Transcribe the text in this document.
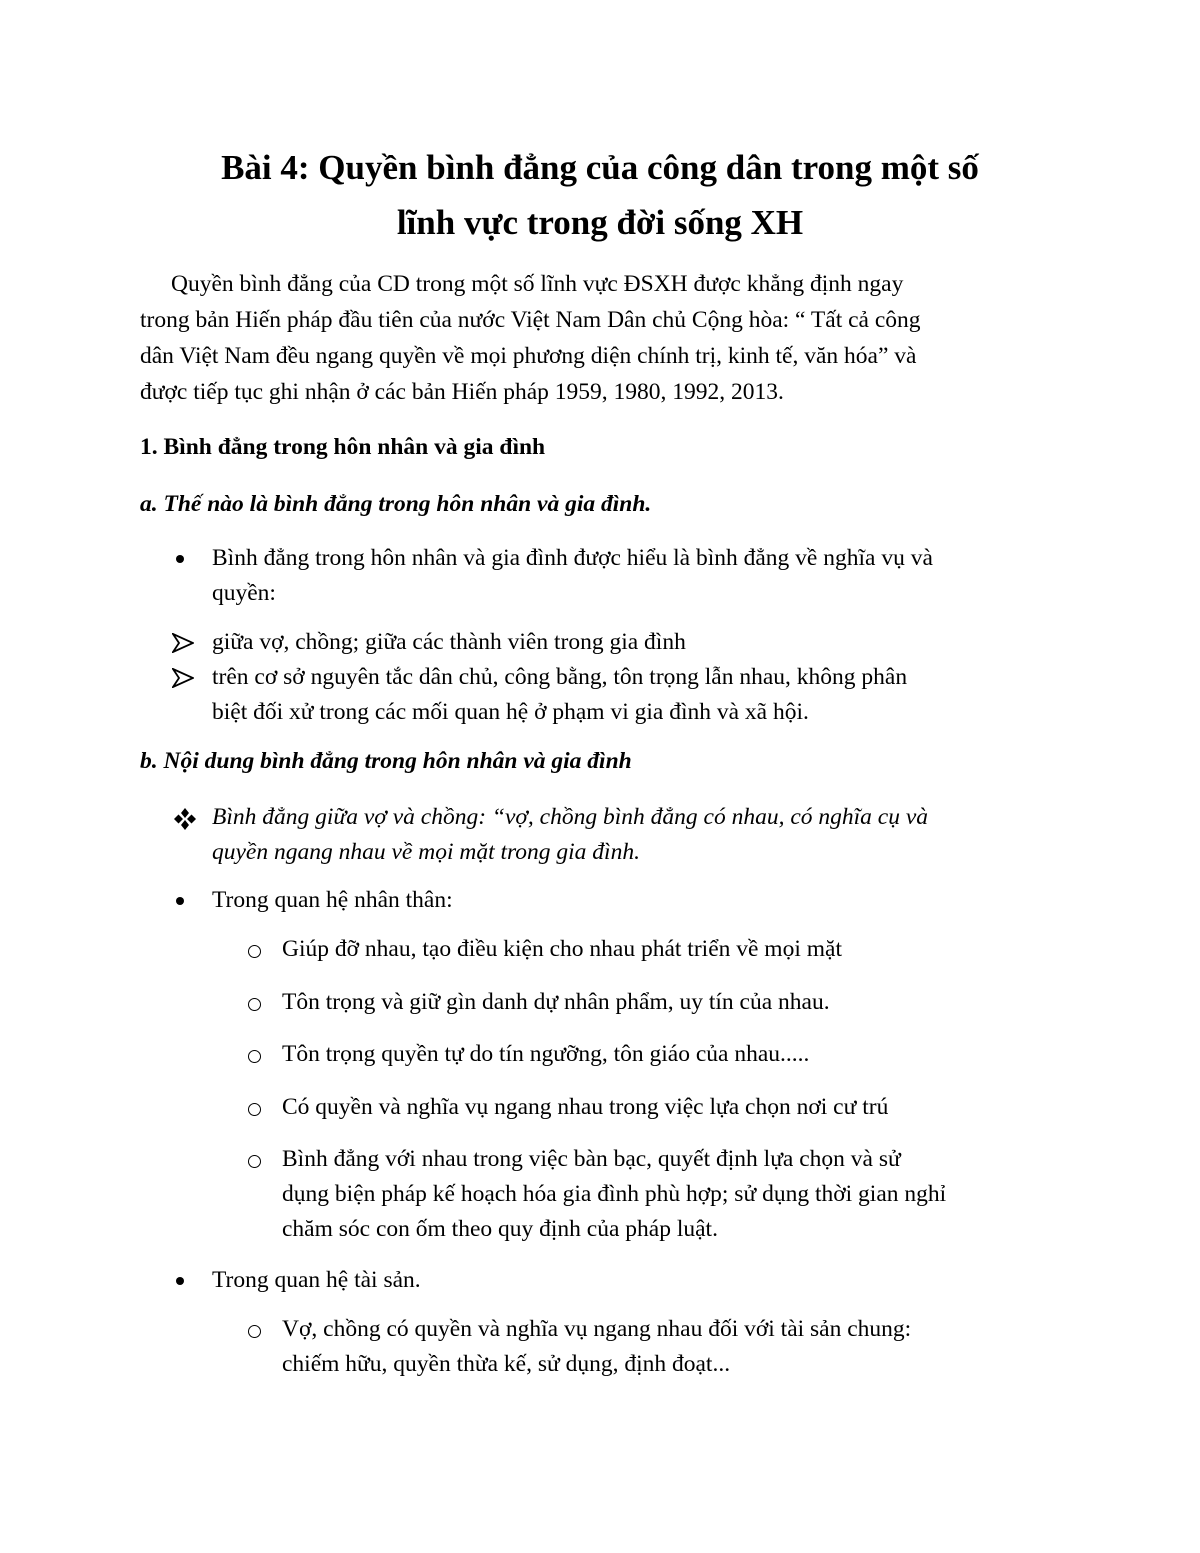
Bài 4: Quyền bình đẳng của công dân trong một số
lĩnh vực trong đời sống XH

Quyền bình đẳng của CD trong một số lĩnh vực ĐSXH được khẳng định ngay
trong bản Hiến pháp đầu tiên của nước Việt Nam Dân chủ Cộng hòa: “ Tất cả công
dân Việt Nam đều ngang quyền về mọi phương diện chính trị, kinh tế, văn hóa” và
được tiếp tục ghi nhận ở các bản Hiến pháp 1959, 1980, 1992, 2013.

1. Bình đẳng trong hôn nhân và gia đình
a. Thế nào là bình đẳng trong hôn nhân và gia đình.
Bình đẳng trong hôn nhân và gia đình được hiểu là bình đẳng về nghĩa vụ và
quyền:
giữa vợ, chồng; giữa các thành viên trong gia đình
trên cơ sở nguyên tắc dân chủ, công bằng, tôn trọng lẫn nhau, không phân
biệt đối xử trong các mối quan hệ ở phạm vi gia đình và xã hội.
b. Nội dung bình đẳng trong hôn nhân và gia đình
Bình đẳng giữa vợ và chồng: “vợ, chồng bình đẳng có nhau, có nghĩa cụ và
quyền ngang nhau về mọi mặt trong gia đình.
Trong quan hệ nhân thân:
Giúp đỡ nhau, tạo điều kiện cho nhau phát triển về mọi mặt
Tôn trọng và giữ gìn danh dự nhân phẩm, uy tín của nhau.
Tôn trọng quyền tự do tín ngưỡng, tôn giáo của nhau.....
Có quyền và nghĩa vụ ngang nhau trong việc lựa chọn nơi cư trú
Bình đẳng với nhau trong việc bàn bạc, quyết định lựa chọn và sử
dụng biện pháp kế hoạch hóa gia đình phù hợp; sử dụng thời gian nghỉ
chăm sóc con ốm theo quy định của pháp luật.
Trong quan hệ tài sản.
Vợ, chồng có quyền và nghĩa vụ ngang nhau đối với tài sản chung:
chiếm hữu, quyền thừa kế, sử dụng, định đoạt...
